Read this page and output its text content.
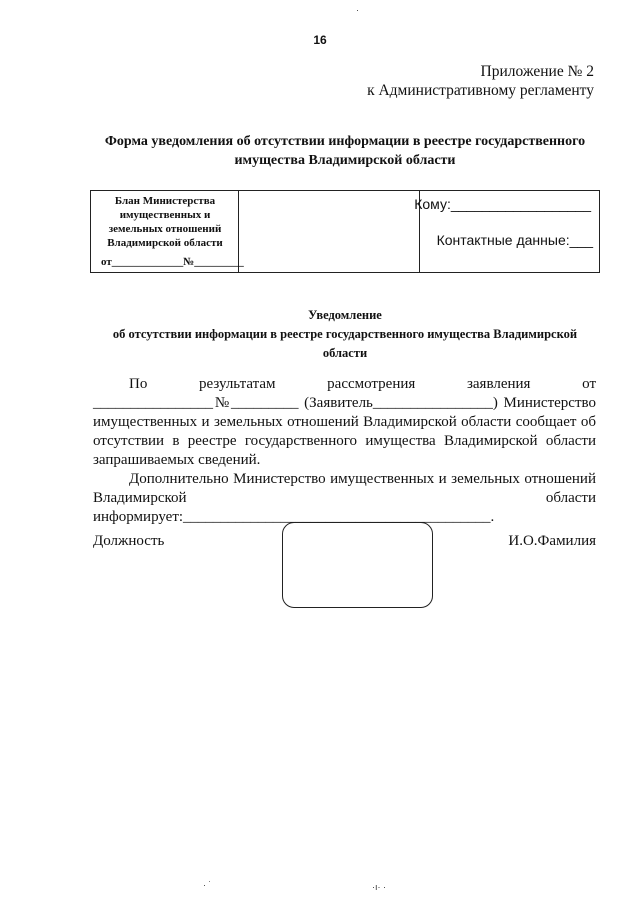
16
Приложение № 2
к Административному регламенту
Форма уведомления об отсутствии информации в реестре государственного
имущества Владимирской области
Блан Министерства
имущественных и
земельных отношений
Владимирской области
от_____________№_________
Кому:__________________
Контактные данные:___
Уведомление
об отсутствии информации в реестре государственного имущества Владимирской
области

По результатам рассмотрения заявления от ________________№_________ (Заявитель________________) Министерство имущественных и земельных отношений Владимирской области сообщает об отсутствии в реестре государственного имущества Владимирской области запрашиваемых сведений.

Дополнительно Министерство имущественных и земельных отношений Владимирской области информирует:_________________________________________.

Должность	И.О.Фамилия
·
· ˙	·ı· ·
